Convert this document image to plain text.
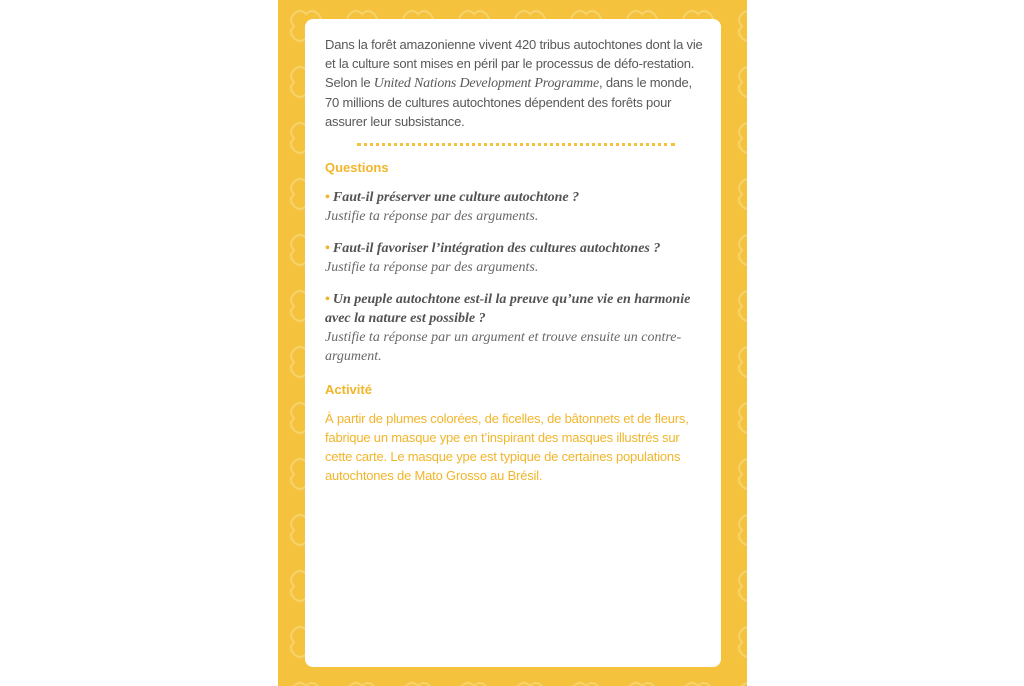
Dans la forêt amazonienne vivent 420 tribus autochtones dont la vie et la culture sont mises en péril par le processus de défo-restation. Selon le United Nations Development Programme, dans le monde, 70 millions de cultures autochtones dépendent des forêts pour assurer leur subsistance.

Questions
• Faut-il préserver une culture autochtone ?
Justifie ta réponse par des arguments.
• Faut-il favoriser l’intégration des cultures autochtones ?
Justifie ta réponse par des arguments.
• Un peuple autochtone est-il la preuve qu’une vie en harmonie avec la nature est possible ?
Justifie ta réponse par un argument et trouve ensuite un contre-argument.
Activité

À partir de plumes colorées, de ficelles, de bâtonnets et de fleurs, fabrique un masque ype en t’inspirant des masques illustrés sur cette carte. Le masque ype est typique de certaines populations autochtones de Mato Grosso au Brésil.
